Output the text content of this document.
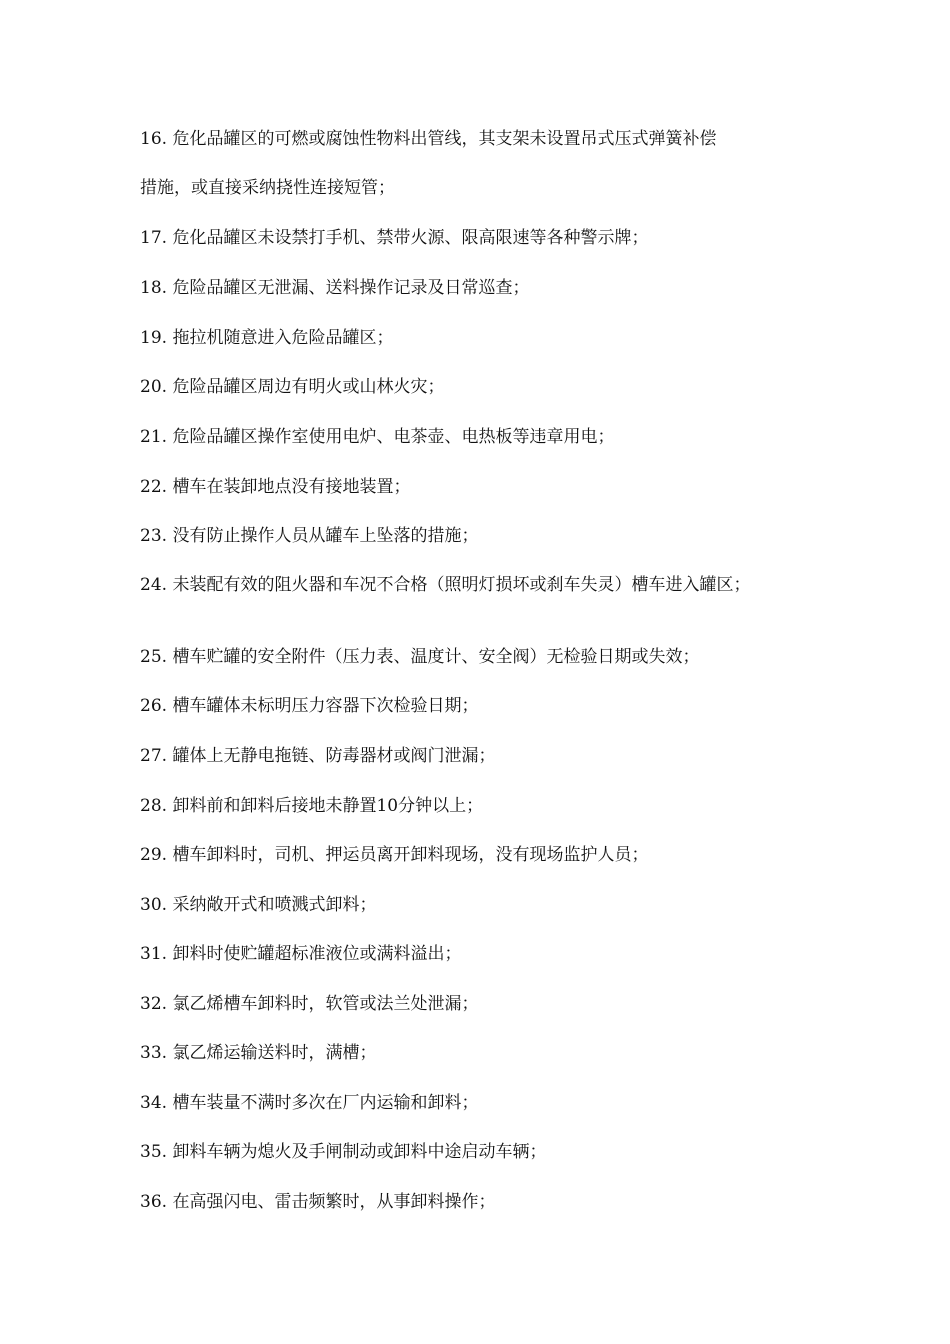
16. 危化品罐区的可燃或腐蚀性物料出管线，其支架未设置吊式压式弹簧补偿
措施，或直接采纳挠性连接短管；
17. 危化品罐区未设禁打手机、禁带火源、限高限速等各种警示牌；
18. 危险品罐区无泄漏、送料操作记录及日常巡查；
19. 拖拉机随意进入危险品罐区；
20. 危险品罐区周边有明火或山林火灾；
21. 危险品罐区操作室使用电炉、电茶壶、电热板等违章用电；
22. 槽车在装卸地点没有接地装置；
23. 没有防止操作人员从罐车上坠落的措施；
24. 未装配有效的阻火器和车况不合格（照明灯损坏或刹车失灵）槽车进入罐区；
25. 槽车贮罐的安全附件（压力表、温度计、安全阀）无检验日期或失效；
26. 槽车罐体未标明压力容器下次检验日期；
27. 罐体上无静电拖链、防毒器材或阀门泄漏；
28. 卸料前和卸料后接地未静置10分钟以上；
29. 槽车卸料时，司机、押运员离开卸料现场，没有现场监护人员；
30. 采纳敞开式和喷溅式卸料；
31. 卸料时使贮罐超标准液位或满料溢出；
32. 氯乙烯槽车卸料时，软管或法兰处泄漏；
33. 氯乙烯运输送料时，满槽；
34. 槽车装量不满时多次在厂内运输和卸料；
35. 卸料车辆为熄火及手闸制动或卸料中途启动车辆；
36. 在高强闪电、雷击频繁时，从事卸料操作；
